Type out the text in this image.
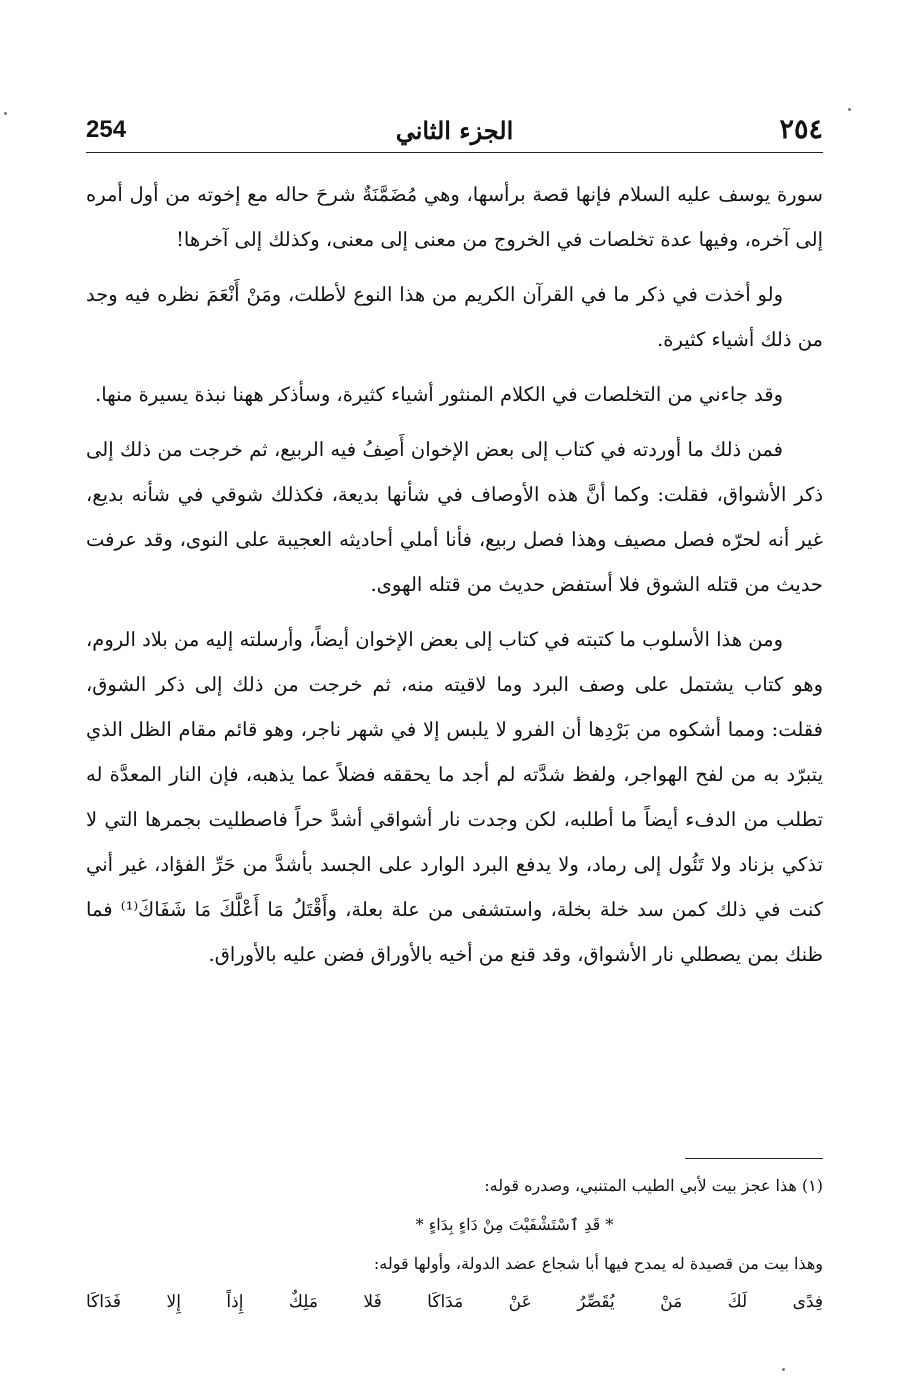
254	الجزء الثاني	٢٥٤

سورة يوسف عليه السلام فإنها قصة برأسها، وهي مُضَمَّنَةٌ شرحَ حاله مع إخوته من أول أمره إلى آخره، وفيها عدة تخلصات في الخروج من معنى إلى معنى، وكذلك إلى آخرها!

ولو أخذت في ذكر ما في القرآن الكريم من هذا النوع لأطلت، ومَنْ أَنْعَمَ نظره فيه وجد من ذلك أشياء كثيرة.

وقد جاءني من التخلصات في الكلام المنثور أشياء كثيرة، وسأذكر ههنا نبذة يسيرة منها.

فمن ذلك ما أوردته في كتاب إلى بعض الإخوان أَصِفُ فيه الربيع، ثم خرجت من ذلك إلى ذكر الأشواق، فقلت: وكما أنَّ هذه الأوصاف في شأنها بديعة، فكذلك شوقي في شأنه بديع، غير أنه لحرّه فصل مصيف وهذا فصل ربيع، فأنا أملي أحاديثه العجيبة على النوى، وقد عرفت حديث من قتله الشوق فلا أستفض حديث من قتله الهوى.

ومن هذا الأسلوب ما كتبته في كتاب إلى بعض الإخوان أيضاً، وأرسلته إليه من بلاد الروم، وهو كتاب يشتمل على وصف البرد وما لاقيته منه، ثم خرجت من ذلك إلى ذكر الشوق، فقلت: ومما أشكوه من بَرْدِها أن الفرو لا يلبس إلا في شهر ناجر، وهو قائم مقام الظل الذي يتبرّد به من لفح الهواجر، ولفظ شدَّته لم أجد ما يحققه فضلاً عما يذهبه، فإن النار المعدَّة له تطلب من الدفء أيضاً ما أطلبه، لكن وجدت نار أشواقي أشدَّ حراً فاصطليت بجمرها التي لا تذكي بزناد ولا تَئُول إلى رماد، ولا يدفع البرد الوارد على الجسد بأشدَّ من حَرِّ الفؤاد، غير أني كنت في ذلك كمن سد خلة بخلة، واستشفى من علة بعلة، وأَقْتَلُ مَا أَعْلَّكَ مَا شَفَاكَ⁽¹⁾ فما ظنك بمن يصطلي نار الأشواق، وقد قنع من أخيه بالأوراق فضن عليه بالأوراق.

(١) هذا عجز بيت لأبي الطيب المتنبي، وصدره قوله:

* قَدِ ٱسْتَشْفَيْتَ مِنْ دَاءٍ بِدَاءٍ *

وهذا بيت من قصيدة له يمدح فيها أبا شجاع عضد الدولة، وأولها قوله:

فِدًى لَكَ مَنْ يُقَصِّرُ عَنْ مَدَاكَا فَلا مَلِكٌ إِذاً إِلا فَدَاكَا
